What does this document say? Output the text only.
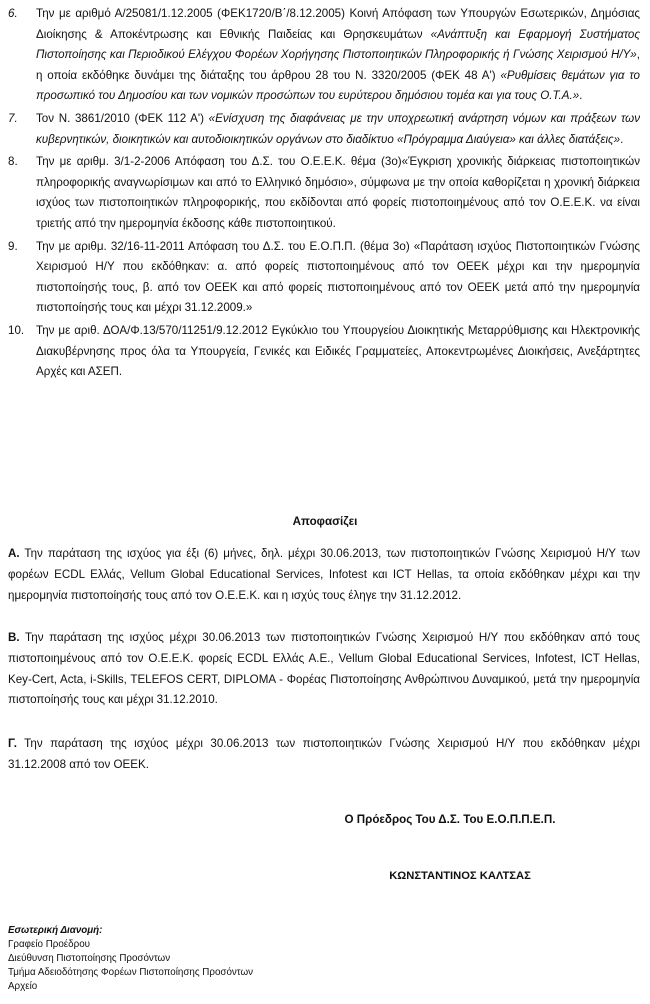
6. Την με αριθμό Α/25081/1.12.2005 (ΦΕΚ1720/Β΄/8.12.2005) Κοινή Απόφαση των Υπουργών Εσωτερικών, Δημόσιας Διοίκησης & Αποκέντρωσης και Εθνικής Παιδείας και Θρησκευμάτων «Ανάπτυξη και Εφαρμογή Συστήματος Πιστοποίησης και Περιοδικού Ελέγχου Φορέων Χορήγησης Πιστοποιητικών Πληροφορικής ή Γνώσης Χειρισμού Η/Υ», η οποία εκδόθηκε δυνάμει της διάταξης του άρθρου 28 του Ν. 3320/2005 (ΦΕΚ 48 Α') «Ρυθμίσεις θεμάτων για το προσωπικό του Δημοσίου και των νομικών προσώπων του ευρύτερου δημόσιου τομέα και για τους Ο.Τ.Α.».
7. Τον Ν. 3861/2010 (ΦΕΚ 112 Α') «Ενίσχυση της διαφάνειας με την υποχρεωτική ανάρτηση νόμων και πράξεων των κυβερνητικών, διοικητικών και αυτοδιοικητικών οργάνων στο διαδίκτυο «Πρόγραμμα Διαύγεια» και άλλες διατάξεις».
8. Την με αριθμ. 3/1-2-2006 Απόφαση του Δ.Σ. του Ο.Ε.Ε.Κ. θέμα (3ο)«Έγκριση χρονικής διάρκειας πιστοποιητικών πληροφορικής αναγνωρίσιμων και από το Ελληνικό δημόσιο», σύμφωνα με την οποία καθορίζεται η χρονική διάρκεια ισχύος των πιστοποιητικών πληροφορικής, που εκδίδονται από φορείς πιστοποιημένους από τον Ο.Ε.Ε.Κ. να είναι τριετής από την ημερομηνία έκδοσης κάθε πιστοποιητικού.
9. Την με αριθμ. 32/16-11-2011 Απόφαση του Δ.Σ. του Ε.Ο.Π.Π. (θέμα 3ο) «Παράταση ισχύος Πιστοποιητικών Γνώσης Χειρισμού Η/Υ που εκδόθηκαν: α. από φορείς πιστοποιημένους από τον ΟΕΕΚ μέχρι και την ημερομηνία πιστοποίησής τους, β. από τον ΟΕΕΚ και από φορείς πιστοποιημένους από τον ΟΕΕΚ μετά από την ημερομηνία πιστοποίησής τους και μέχρι 31.12.2009.»
10. Την με αριθ. ΔΟΑ/Φ.13/570/11251/9.12.2012 Εγκύκλιο του Υπουργείου Διοικητικής Μεταρρύθμισης και Ηλεκτρονικής Διακυβέρνησης προς όλα τα Υπουργεία, Γενικές και Ειδικές Γραμματείες, Αποκεντρωμένες Διοικήσεις, Ανεξάρτητες Αρχές και ΑΣΕΠ.
Αποφασίζει
Α. Την παράταση της ισχύος για έξι (6) μήνες, δηλ. μέχρι 30.06.2013, των πιστοποιητικών Γνώσης Χειρισμού Η/Υ των φορέων ECDL Ελλάς, Vellum Global Educational Services, Infotest και ICT Hellas, τα οποία εκδόθηκαν μέχρι και την ημερομηνία πιστοποίησής τους από τον Ο.Ε.Ε.Κ. και η ισχύς τους έληγε την 31.12.2012.
Β. Την παράταση της ισχύος μέχρι 30.06.2013 των πιστοποιητικών Γνώσης Χειρισμού Η/Υ που εκδόθηκαν από τους πιστοποιημένους από τον Ο.Ε.Ε.Κ. φορείς ECDL Ελλάς Α.Ε., Vellum Global Educational Services, Infotest, ICT Hellas, Key-Cert, Acta, i-Skills, TELEFOS CERT, DIPLOMA - Φορέας Πιστοποίησης Ανθρώπινου Δυναμικού, μετά την ημερομηνία πιστοποίησής τους και μέχρι 31.12.2010.
Γ. Την παράταση της ισχύος μέχρι 30.06.2013 των πιστοποιητικών Γνώσης Χειρισμού Η/Υ που εκδόθηκαν μέχρι 31.12.2008 από τον ΟΕΕΚ.
Ο Πρόεδρος Του Δ.Σ. Του Ε.Ο.Π.Π.Ε.Π.
ΚΩΝΣΤΑΝΤΙΝΟΣ ΚΑΛΤΣΑΣ
Εσωτερική Διανομή:
Γραφείο Προέδρου
Διεύθυνση Πιστοποίησης Προσόντων
Τμήμα Αδειοδότησης Φορέων Πιστοποίησης Προσόντων
Αρχείο
